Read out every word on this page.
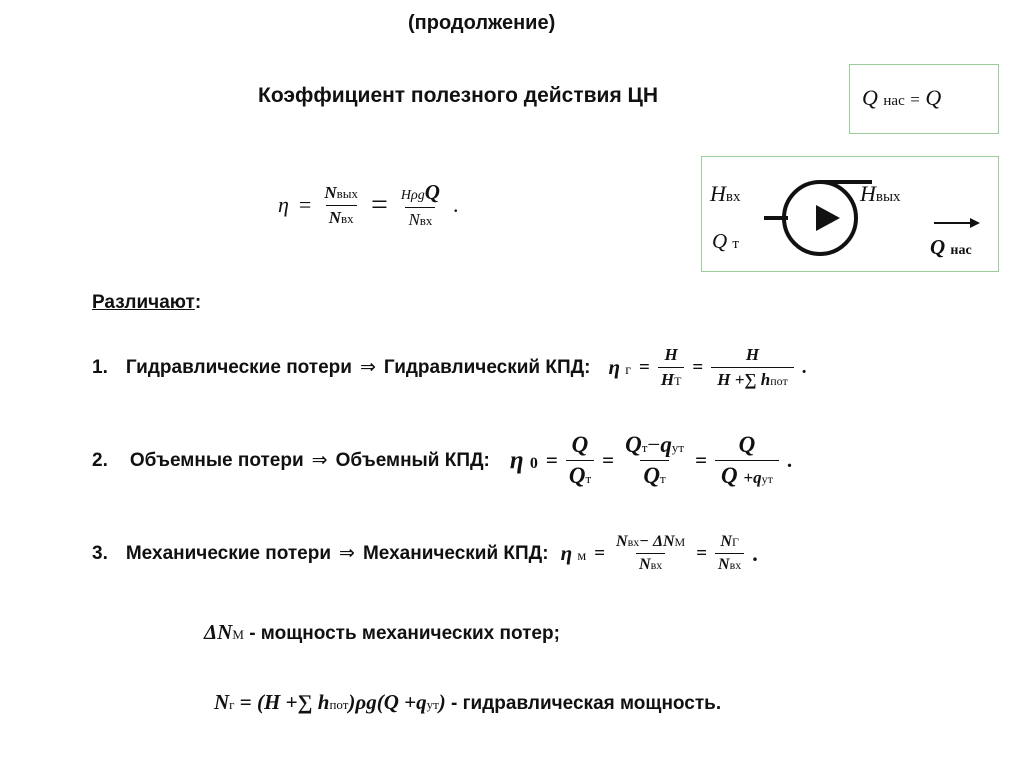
(продолжение)
Коэффициент полезного действия ЦН	Q нас = Q
Hвх	Hвых
Q т	Q нас
$\eta = \frac{\text{Nвых}}{\text{Nвх}} = \frac{\text{HρgQ}}{\text{Nвх}}$ .
Различают:
1. Гидравлические потери ⇒ Гидравлический КПД: η $г = \frac{H}{HТ} = \frac{H}{\text{H +∑ hпот}}$ .
2. Объемные потери ⇒ Объемный КПД: η $0 = \frac{Q}{Qт} = \frac{\text{Qт−qут}}{Qт} = \frac{Q}{\text{Q +qут}}$ .
3. Механические потери ⇒ Механический КПД: η $м = \frac{\text{Nвх− ΔNМ}}{\text{Nвх}} = \frac{NГ}{\text{Nвх}}$ .
ΔNМ - мощность механических потер;
Nг = (H +∑ hпот)ρg(Q +qут) - гидравлическая мощность.
